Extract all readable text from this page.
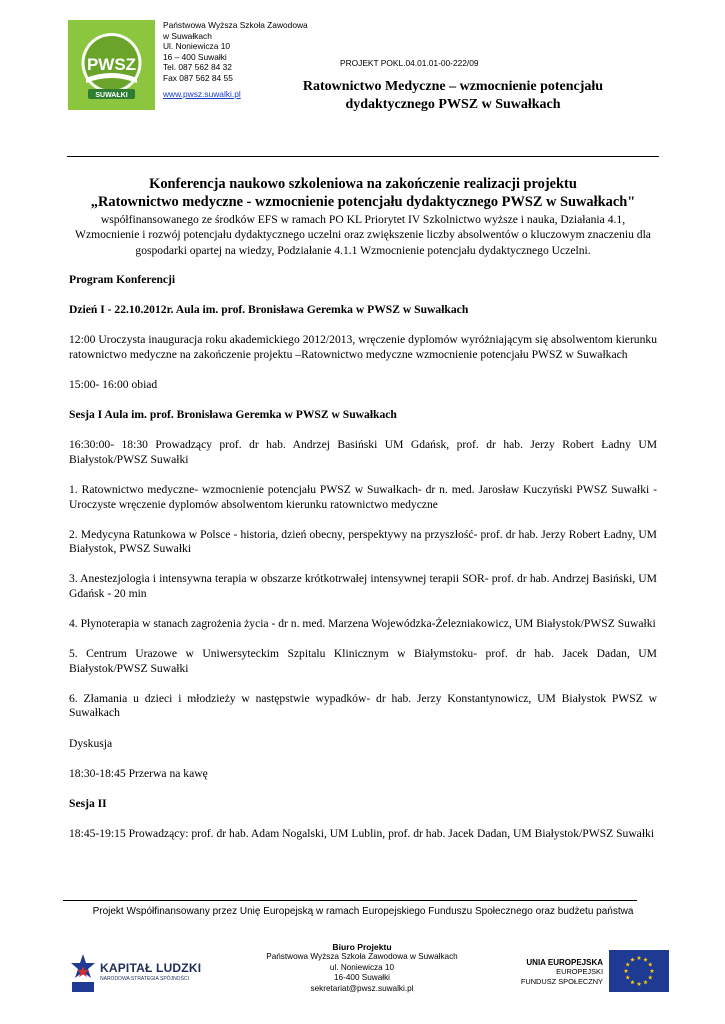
PWSZ
SUWAŁKI
Państwowa Wyższa Szkoła Zawodowa
w Suwałkach
Ul. Noniewicza 10
16 – 400 Suwałki
Tel. 087 562 84 32
Fax 087 562 84 55
www.pwsz.suwalki.pl
PROJEKT POKL.04.01.01-00-222/09
Ratownictwo Medyczne – wzmocnienie potencjału
dydaktycznego PWSZ w Suwałkach
Konferencja naukowo szkoleniowa na zakończenie realizacji projektu
„Ratownictwo medyczne - wzmocnienie potencjału dydaktycznego PWSZ w Suwałkach"
współfinansowanego ze środków EFS w ramach PO KL Priorytet IV Szkolnictwo wyższe i nauka, Działania 4.1, Wzmocnienie i rozwój potencjału dydaktycznego uczelni oraz zwiększenie liczby absolwentów o kluczowym znaczeniu dla gospodarki opartej na wiedzy, Podziałanie 4.1.1 Wzmocnienie potencjału dydaktycznego Uczelni.
Program Konferencji
Dzień I - 22.10.2012r. Aula im. prof. Bronisława Geremka w PWSZ w Suwałkach
12:00 Uroczysta inauguracja roku akademickiego 2012/2013, wręczenie dyplomów wyróżniającym się absolwentom kierunku ratownictwo medyczne na zakończenie projektu –Ratownictwo medyczne wzmocnienie potencjału PWSZ w Suwałkach
15:00- 16:00 obiad
Sesja I Aula im. prof. Bronisława Geremka w PWSZ w Suwałkach
16:30:00- 18:30 Prowadzący prof. dr hab. Andrzej Basiński UM Gdańsk, prof. dr hab. Jerzy Robert Ładny UM Białystok/PWSZ Suwałki
1. Ratownictwo medyczne- wzmocnienie potencjału PWSZ w Suwałkach- dr n. med. Jarosław Kuczyński PWSZ Suwałki - Uroczyste wręczenie dyplomów absolwentom kierunku ratownictwo medyczne
2. Medycyna Ratunkowa w Polsce - historia, dzień obecny, perspektywy na przyszłość- prof. dr hab. Jerzy Robert Ładny, UM Białystok, PWSZ Suwałki
3. Anestezjologia i intensywna terapia w obszarze krótkotrwałej intensywnej terapii SOR- prof. dr hab. Andrzej Basiński, UM Gdańsk - 20 min
4. Płynoterapia w stanach zagrożenia życia - dr n. med. Marzena Wojewódzka-Żelezniakowicz, UM Białystok/PWSZ Suwałki
5. Centrum Urazowe w Uniwersyteckim Szpitalu Klinicznym w Białymstoku- prof. dr hab. Jacek Dadan, UM Białystok/PWSZ Suwałki
6. Złamania u dzieci i młodzieży w następstwie wypadków- dr hab. Jerzy Konstantynowicz, UM Białystok PWSZ w Suwałkach
Dyskusja
18:30-18:45 Przerwa na kawę
Sesja II
18:45-19:15 Prowadzący: prof. dr hab. Adam Nogalski, UM Lublin, prof. dr hab. Jacek Dadan, UM Białystok/PWSZ Suwałki
Projekt Współfinansowany przez Unię Europejską w ramach Europejskiego Funduszu Społecznego oraz budżetu państwa
KAPITAŁ LUDZKI
NARODOWA STRATEGIA SPÓJNOŚCI
Biuro Projektu
Państwowa Wyższa Szkoła Zawodowa w Suwałkach
ul. Noniewicza 10
16-400 Suwałki
sekretariat@pwsz.suwalki.pl
UNIA EUROPEJSKA
EUROPEJSKI
FUNDUSZ SPOŁECZNY
